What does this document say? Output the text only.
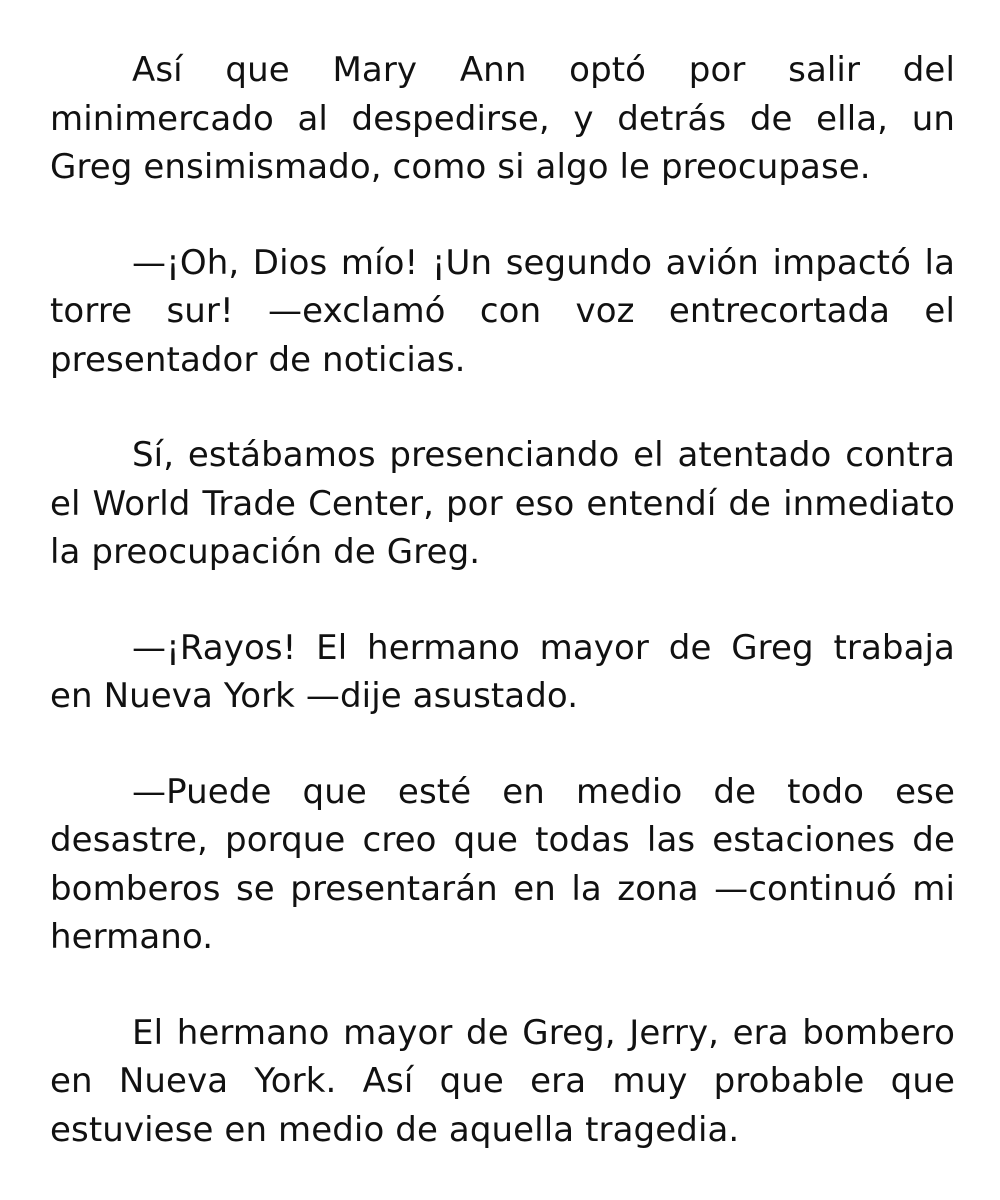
Así que Mary Ann optó por salir del minimercado al despedirse, y detrás de ella, un Greg ensimismado, como si algo le preocupase.

—¡Oh, Dios mío! ¡Un segundo avión impactó la torre sur! —exclamó con voz entrecortada el presentador de noticias.

Sí, estábamos presenciando el atentado contra el World Trade Center, por eso entendí de inmediato la preocupación de Greg.

—¡Rayos! El hermano mayor de Greg trabaja en Nueva York —dije asustado.

—Puede que esté en medio de todo ese desastre, porque creo que todas las estaciones de bomberos se presentarán en la zona —continuó mi hermano.

El hermano mayor de Greg, Jerry, era bombero en Nueva York. Así que era muy probable que estuviese en medio de aquella tragedia.
